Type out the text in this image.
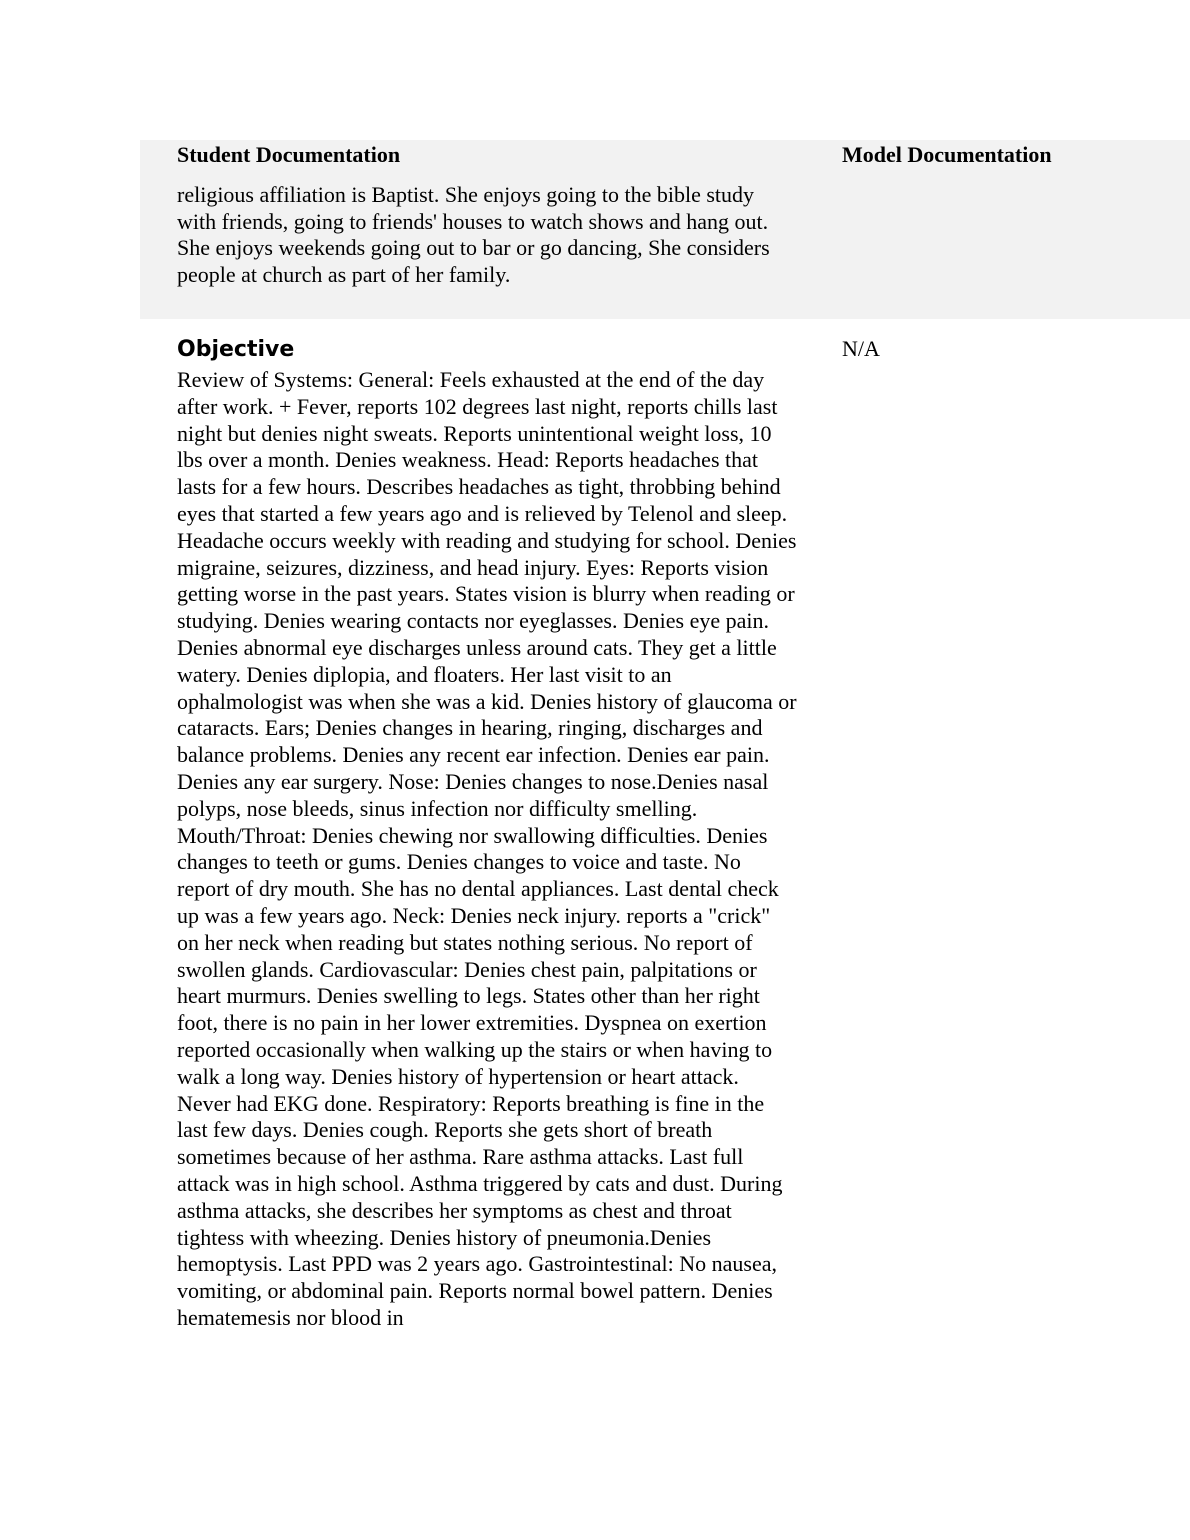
Student Documentation	Model Documentation
religious affiliation is Baptist. She enjoys going to the bible study with friends, going to friends' houses to watch shows and hang out. She enjoys weekends going out to bar or go dancing, She considers people at church as part of her family.
Objective	N/A
Review of Systems: General: Feels exhausted at the end of the day after work. + Fever, reports 102 degrees last night, reports chills last night but denies night sweats. Reports unintentional weight loss, 10 lbs over a month. Denies weakness. Head: Reports headaches that lasts for a few hours. Describes headaches as tight, throbbing behind eyes that started a few years ago and is relieved by Telenol and sleep. Headache occurs weekly with reading and studying for school. Denies migraine, seizures, dizziness, and head injury. Eyes: Reports vision getting worse in the past years. States vision is blurry when reading or studying. Denies wearing contacts nor eyeglasses. Denies eye pain. Denies abnormal eye discharges unless around cats. They get a little watery. Denies diplopia, and floaters. Her last visit to an ophalmologist was when she was a kid. Denies history of glaucoma or cataracts. Ears; Denies changes in hearing, ringing, discharges and balance problems. Denies any recent ear infection. Denies ear pain. Denies any ear surgery. Nose: Denies changes to nose.Denies nasal polyps, nose bleeds, sinus infection nor difficulty smelling. Mouth/Throat: Denies chewing nor swallowing difficulties. Denies changes to teeth or gums. Denies changes to voice and taste. No report of dry mouth. She has no dental appliances. Last dental check up was a few years ago. Neck: Denies neck injury. reports a "crick" on her neck when reading but states nothing serious. No report of swollen glands. Cardiovascular: Denies chest pain, palpitations or heart murmurs. Denies swelling to legs. States other than her right foot, there is no pain in her lower extremities. Dyspnea on exertion reported occasionally when walking up the stairs or when having to walk a long way. Denies history of hypertension or heart attack. Never had EKG done. Respiratory: Reports breathing is fine in the last few days. Denies cough. Reports she gets short of breath sometimes because of her asthma. Rare asthma attacks. Last full attack was in high school. Asthma triggered by cats and dust. During asthma attacks, she describes her symptoms as chest and throat tightess with wheezing. Denies history of pneumonia.Denies hemoptysis. Last PPD was 2 years ago. Gastrointestinal: No nausea, vomiting, or abdominal pain. Reports normal bowel pattern. Denies hematemesis nor blood in
